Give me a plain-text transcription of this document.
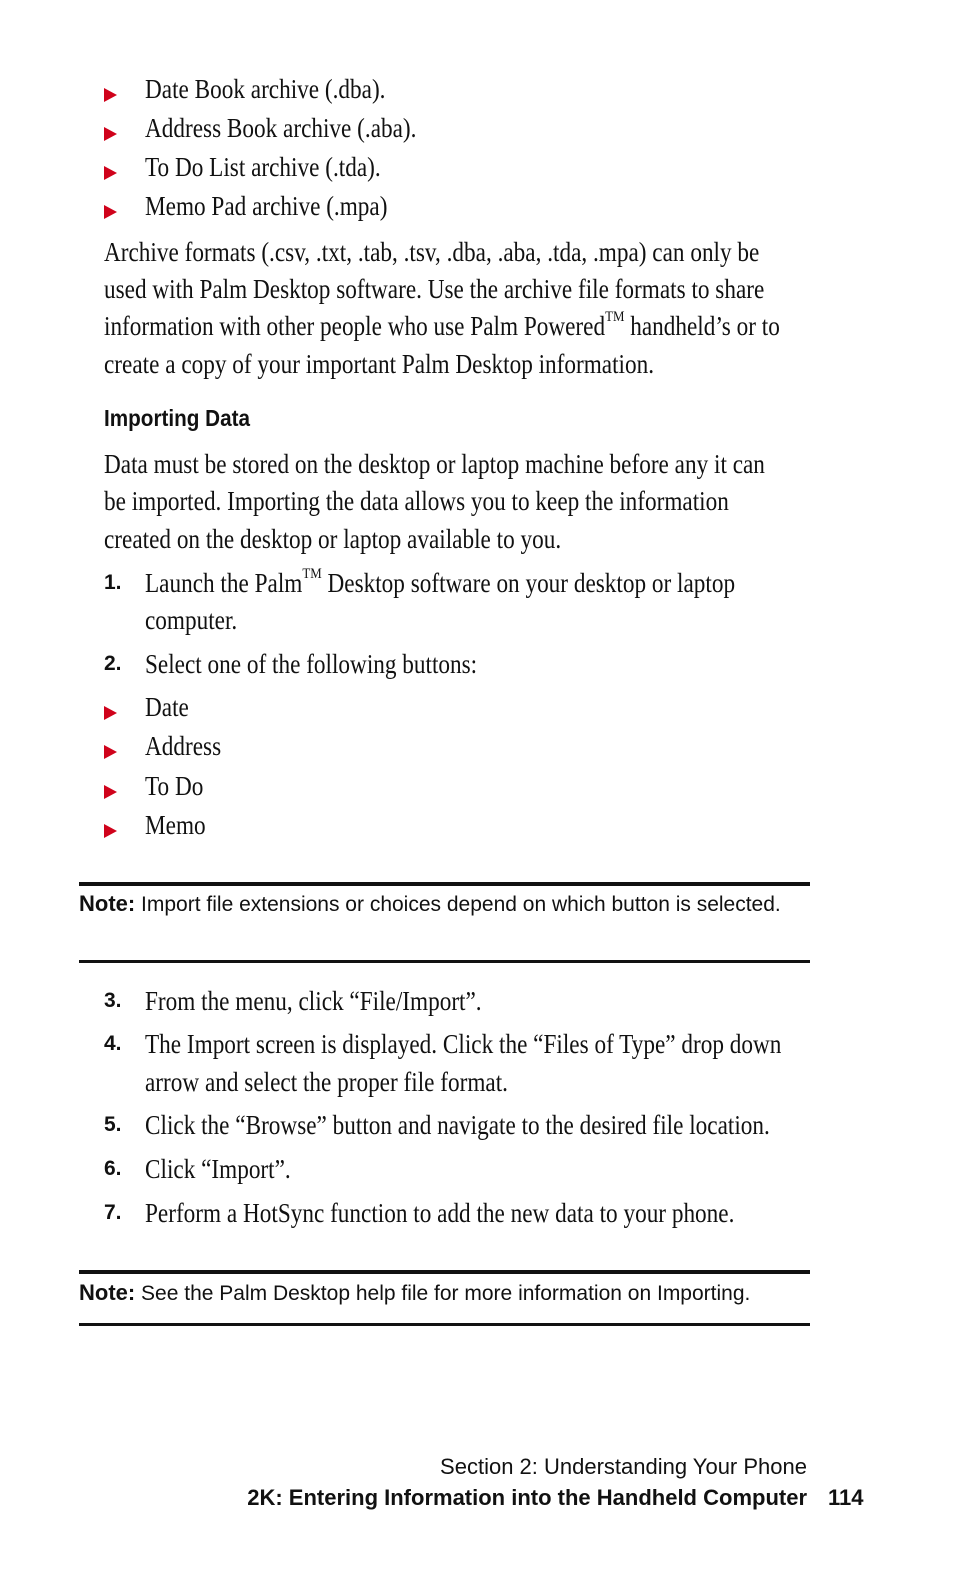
Date Book archive (.dba).
Address Book archive (.aba).
To Do List archive (.tda).
Memo Pad archive (.mpa)
Archive formats (.csv, .txt, .tab, .tsv, .dba, .aba, .tda, .mpa) can only be
used with Palm Desktop software. Use the archive file formats to share
information with other people who use Palm Powered™ handheld’s or to
create a copy of your important Palm Desktop information.
Importing Data
Data must be stored on the desktop or laptop machine before any it can
be imported. Importing the data allows you to keep the information
created on the desktop or laptop available to you.
1. Launch the Palm™ Desktop software on your desktop or laptop
computer.
2. Select one of the following buttons:
Date
Address
To Do
Memo
Note: Import file extensions or choices depend on which button is selected.
3. From the menu, click “File/Import”.
4. The Import screen is displayed. Click the “Files of Type” drop down
arrow and select the proper file format.
5. Click the “Browse” button and navigate to the desired file location.
6. Click “Import”.
7. Perform a HotSync function to add the new data to your phone.
Note: See the Palm Desktop help file for more information on Importing.
Section 2: Understanding Your Phone
2K: Entering Information into the Handheld Computer 114
